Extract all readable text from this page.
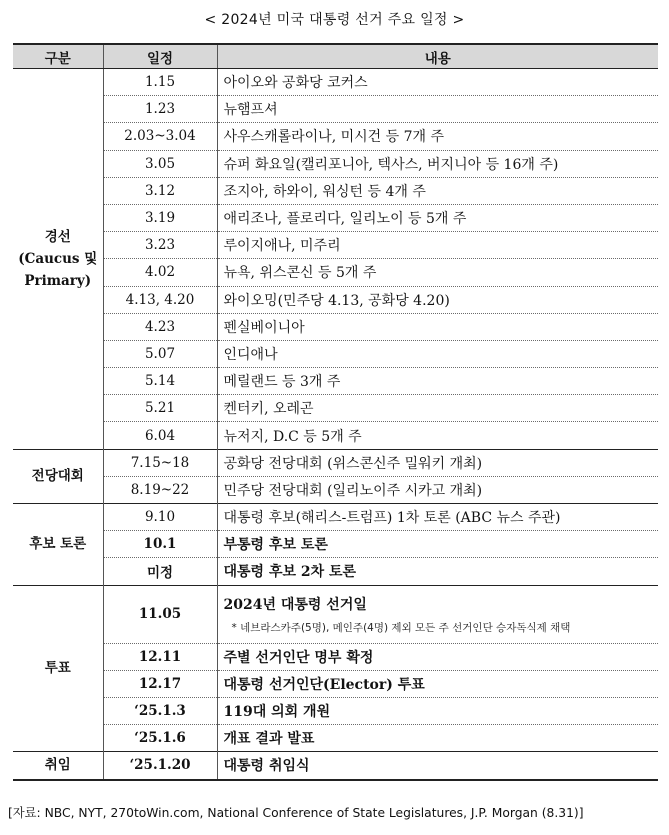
< 2024년 미국 대통령 선거 주요 일정 >
구분	일정	내용
경선 (Caucus 및 Primary)	1.15	아이오와 공화당 코커스
	1.23	뉴햄프셔
	2.03~3.04	사우스캐롤라이나, 미시건 등 7개 주
	3.05	슈퍼 화요일(캘리포니아, 텍사스, 버지니아 등 16개 주)
	3.12	조지아, 하와이, 워싱턴 등 4개 주
	3.19	애리조나, 플로리다, 일리노이 등 5개 주
	3.23	루이지애나, 미주리
	4.02	뉴욕, 위스콘신 등 5개 주
	4.13, 4.20	와이오밍(민주당 4.13, 공화당 4.20)
	4.23	펜실베이니아
	5.07	인디애나
	5.14	메릴랜드 등 3개 주
	5.21	켄터키, 오레곤
	6.04	뉴저지, D.C 등 5개 주
전당대회	7.15~18	공화당 전당대회 (위스콘신주 밀워키 개최)
	8.19~22	민주당 전당대회 (일리노이주 시카고 개최)
후보 토론	9.10	대통령 후보(해리스-트럼프) 1차 토론 (ABC 뉴스 주관)
	10.1	부통령 후보 토론
	미정	대통령 후보 2차 토론
투표	11.05	2024년 대통령 선거일
* 네브라스카주(5명), 메인주(4명) 제외 모든 주 선거인단 승자독식제 채택

	12.11	주별 선거인단 명부 확정
	12.17	대통령 선거인단(Elector) 투표
	‘25.1.3	119대 의회 개원
	‘25.1.6	개표 결과 발표
취임	‘25.1.20	대통령 취임식
[자료: NBC, NYT, 270toWin.com, National Conference of State Legislatures, J.P. Morgan (8.31)]
